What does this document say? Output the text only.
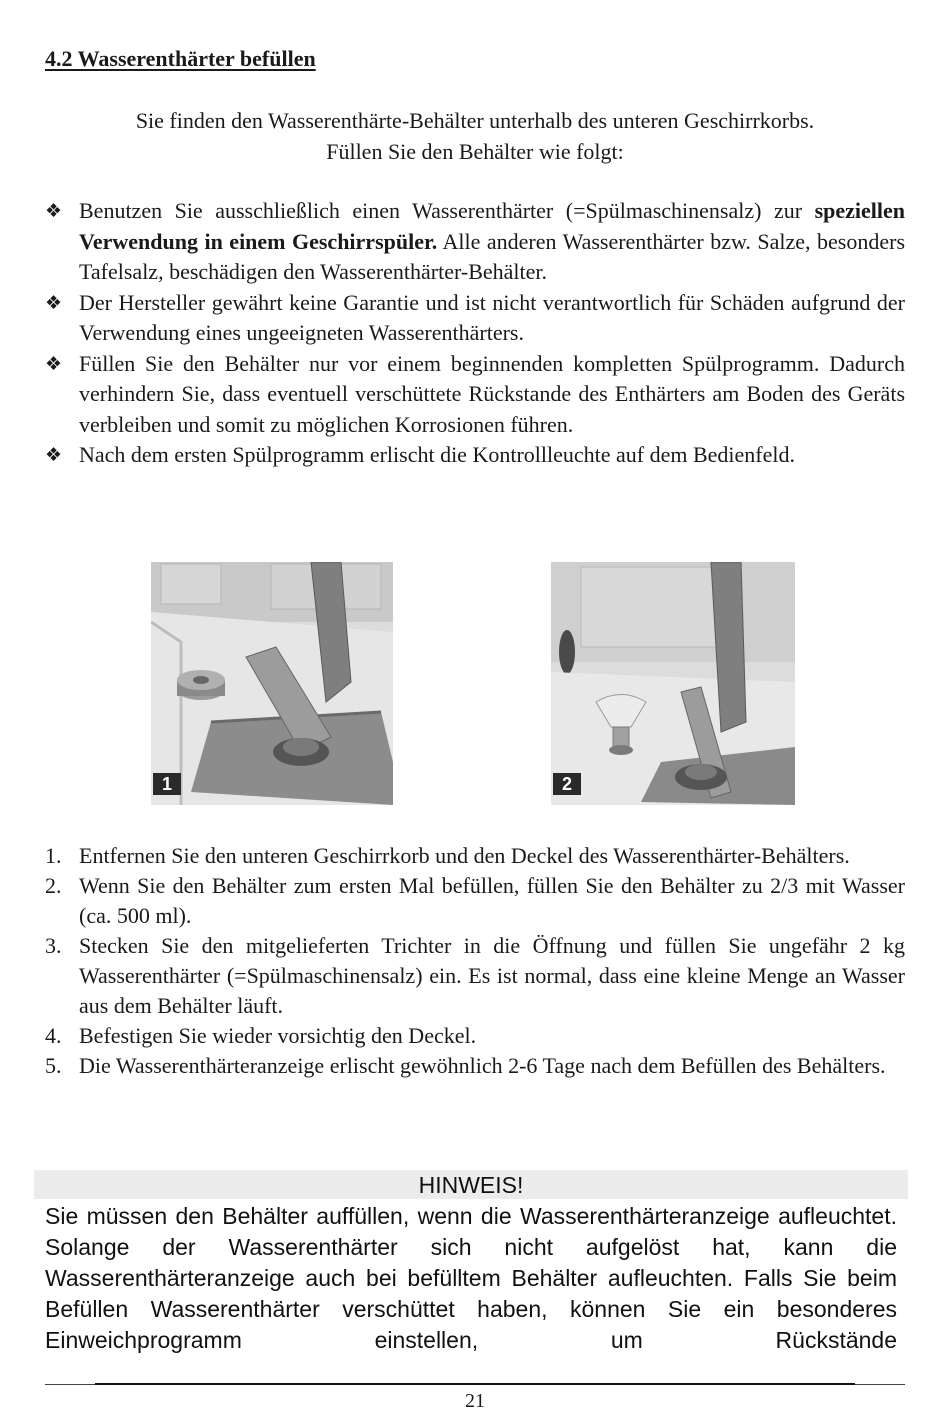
4.2 Wasserenthärter befüllen
Sie finden den Wasserenthärte-Behälter unterhalb des unteren Geschirrkorbs.
Füllen Sie den Behälter wie folgt:
❖ Benutzen Sie ausschließlich einen Wasserenthärter (=Spülmaschinensalz) zur speziellen Verwendung in einem Geschirrspüler. Alle anderen Wasserenthärter bzw. Salze, besonders Tafelsalz, beschädigen den Wasserenthärter-Behälter.
❖ Der Hersteller gewährt keine Garantie und ist nicht verantwortlich für Schäden aufgrund der Verwendung eines ungeeigneten Wasserenthärters.
❖ Füllen Sie den Behälter nur vor einem beginnenden kompletten Spülprogramm. Dadurch verhindern Sie, dass eventuell verschüttete Rückstande des Enthärters am Boden des Geräts verbleiben und somit zu möglichen Korrosionen führen.
❖ Nach dem ersten Spülprogramm erlischt die Kontrollleuchte auf dem Bedienfeld.
1	2
1. Entfernen Sie den unteren Geschirrkorb und den Deckel des Wasserenthärter-Behälters.
2. Wenn Sie den Behälter zum ersten Mal befüllen, füllen Sie den Behälter zu 2/3 mit Wasser (ca. 500 ml).
3. Stecken Sie den mitgelieferten Trichter in die Öffnung und füllen Sie ungefähr 2 kg Wasserenthärter (=Spülmaschinensalz) ein. Es ist normal, dass eine kleine Menge an Wasser aus dem Behälter läuft.
4. Befestigen Sie wieder vorsichtig den Deckel.
5. Die Wasserenthärteranzeige erlischt gewöhnlich 2-6 Tage nach dem Befüllen des Behälters.
HINWEIS!
Sie müssen den Behälter auffüllen, wenn die Wasserenthärteranzeige aufleuchtet. Solange der Wasserenthärter sich nicht aufgelöst hat, kann die Wasserenthärteranzeige auch bei befülltem Behälter aufleuchten. Falls Sie beim Befüllen Wasserenthärter verschüttet haben, können Sie ein besonderes Einweichprogramm einstellen, um Rückstände
21
